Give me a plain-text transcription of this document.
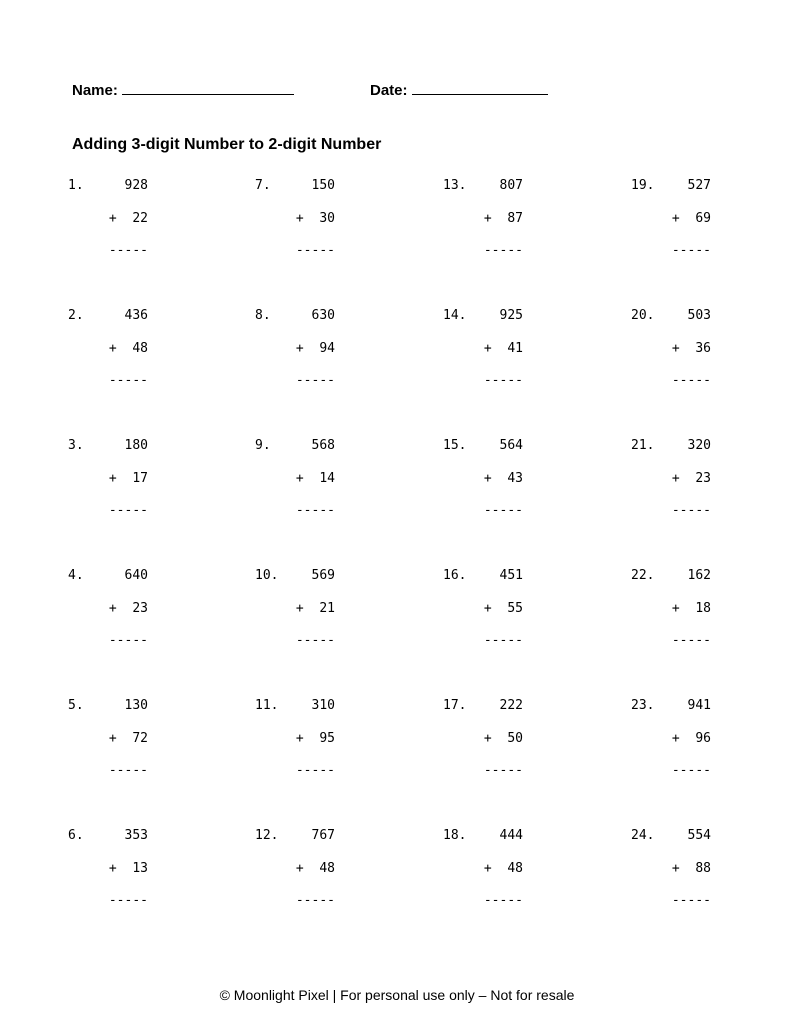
Name:	Date:
Adding 3-digit Number to 2-digit Number
1.	928
+ 22
-----
2.	436
+ 48
-----
3.	180
+ 17
-----
4.	640
+ 23
-----
5.	130
+ 72
-----
6.	353
+ 13
-----
7.	150
+ 30
-----
8.	630
+ 94
-----
9.	568
+ 14
-----
10.	569
+ 21
-----
11.	310
+ 95
-----
12.	767
+ 48
-----
13.	807
+ 87
-----
14.	925
+ 41
-----
15.	564
+ 43
-----
16.	451
+ 55
-----
17.	222
+ 50
-----
18.	444
+ 48
-----
19.	527
+ 69
-----
20.	503
+ 36
-----
21.	320
+ 23
-----
22.	162
+ 18
-----
23.	941
+ 96
-----
24.	554
+ 88
-----
© Moonlight Pixel | For personal use only – Not for resale
